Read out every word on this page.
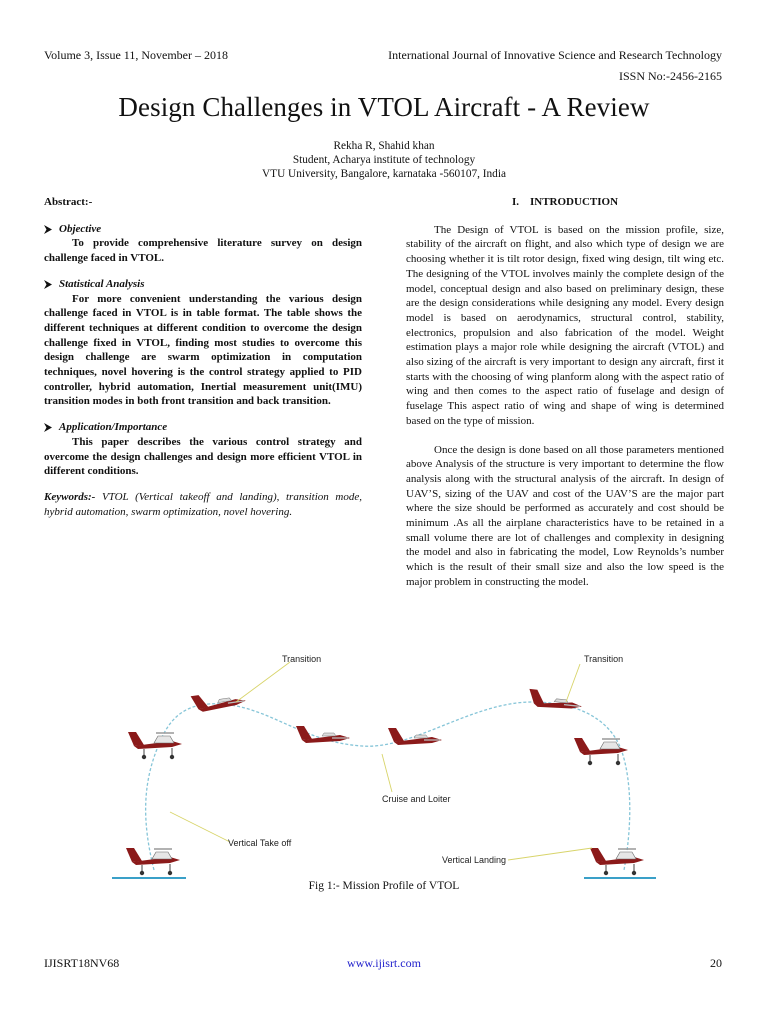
Volume 3, Issue 11, November – 2018	International Journal of Innovative Science and Research Technology
ISSN No:-2456-2165
Design Challenges in VTOL Aircraft - A Review
Rekha R, Shahid khan
Student, Acharya institute of technology
VTU University, Bangalore, karnataka -560107, India
Abstract:-
Objective
To provide comprehensive literature survey on design challenge faced in VTOL.
Statistical Analysis
For more convenient understanding the various design challenge faced in VTOL is in table format. The table shows the different techniques at different condition to overcome the design challenge fixed in VTOL, finding most studies to overcome this design challenge are swarm optimization in computation techniques, novel hovering is the control strategy applied to PID controller, hybrid automation, Inertial measurement unit(IMU) transition modes in both front transition and back transition.
Application/Importance
This paper describes the various control strategy and overcome the design challenges and design more efficient VTOL in different conditions.
Keywords:- VTOL (Vertical takeoff and landing), transition mode, hybrid automation, swarm optimization, novel hovering.
I.    INTRODUCTION

The Design of VTOL is based on the mission profile, size, stability of the aircraft on flight, and also which type of design we are choosing whether it is tilt rotor design, fixed wing design, tilt wing etc. The designing of the VTOL involves mainly the complete design of the model, conceptual design and also based on preliminary design, these are the design considerations while designing any model. Every design model is based on aerodynamics, structural control, stability, electronics, propulsion and also fabrication of the model. Weight estimation plays a major role while designing the aircraft (VTOL) and also sizing of the aircraft is very important to design any aircraft, first it starts with the choosing of wing planform along with the aspect ratio of wing and then comes to the aspect ratio of fuselage and design of fuselage This aspect ratio of wing and shape of wing is determined based on the type of mission.

Once the design is done based on all those parameters mentioned above Analysis of the structure is very important to determine the flow analysis along with the structural analysis of the aircraft. In design of UAV’S, sizing of the UAV and cost of the UAV’S are the major part where the size should be performed as accurately and cost should be minimum .As all the airplane characteristics have to be retained in a small volume there are lot of challenges and complexity in designing the model and also in fabricating the model, Low Reynolds’s number which is the result of their small size and also the low speed is the major problem in constructing the model.

Transition	Transition
Cruise and Loiter
Vertical Take off
Vertical Landing
Fig 1:- Mission Profile of VTOL
IJISRT18NV68	www.ijisrt.com	20
